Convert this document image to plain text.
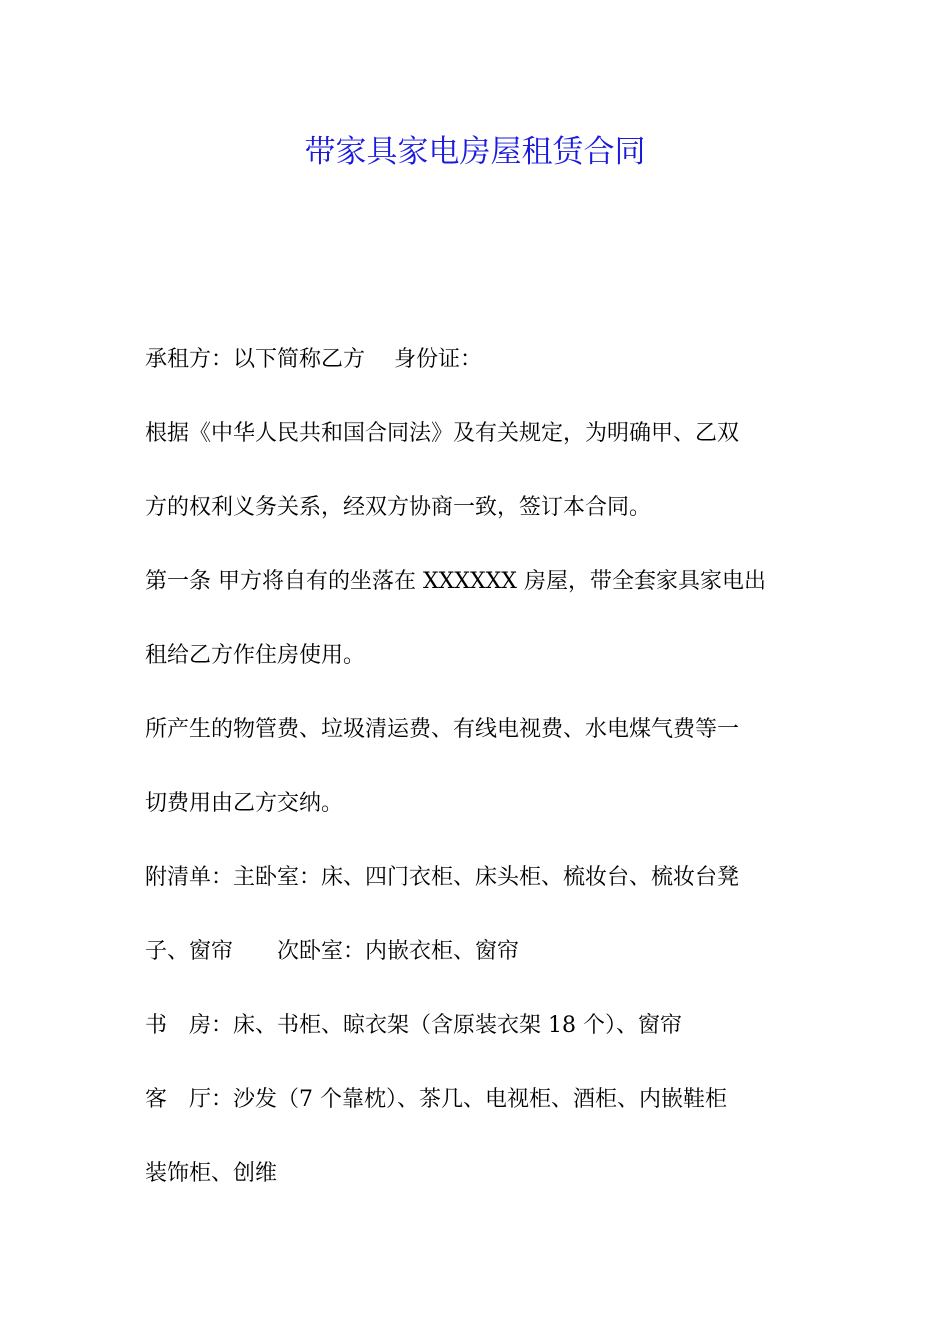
带家具家电房屋租赁合同
承租方：以下简称乙方　 身份证：
根据《中华人民共和国合同法》及有关规定，为明确甲、乙双
方的权利义务关系，经双方协商一致，签订本合同。
第一条 甲方将自有的坐落在 XXXXXX 房屋，带全套家具家电出
租给乙方作住房使用。
所产生的物管费、垃圾清运费、有线电视费、水电煤气费等一
切费用由乙方交纳。
附清单：主卧室：床、四门衣柜、床头柜、梳妆台、梳妆台凳
子、窗帘　　次卧室：内嵌衣柜、窗帘
书　房：床、书柜、晾衣架（含原装衣架 18 个）、窗帘
客　厅：沙发（7 个靠枕）、茶几、电视柜、酒柜、内嵌鞋柜
装饰柜、创维
